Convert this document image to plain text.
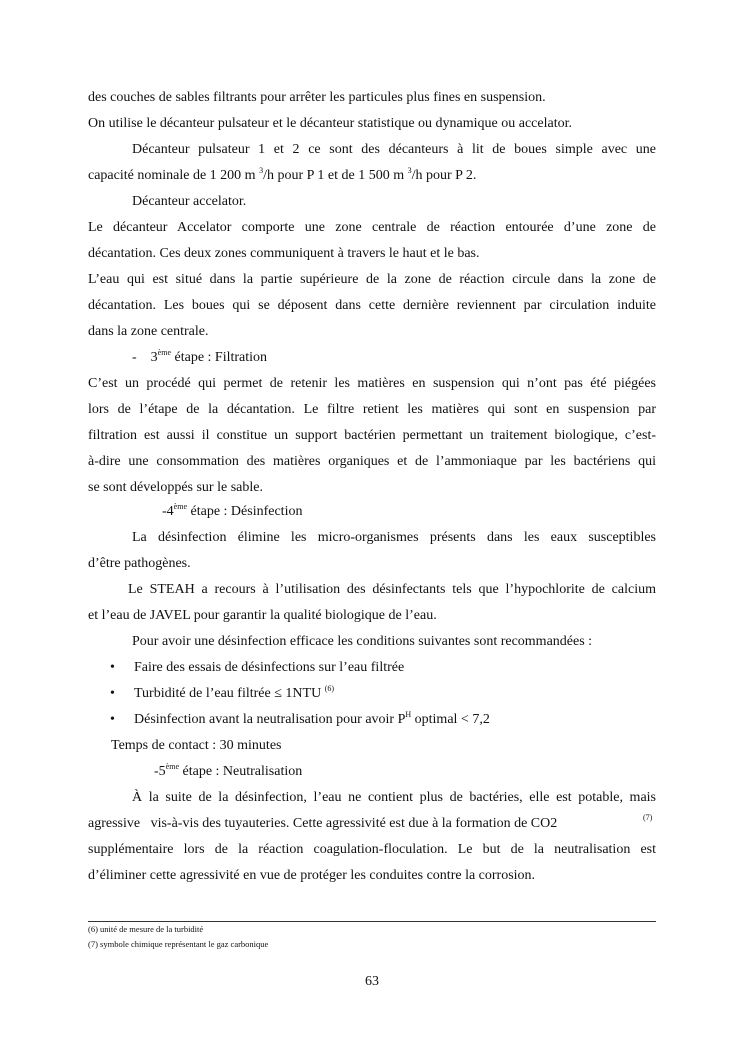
des couches de sables filtrants pour arrêter les particules plus fines en suspension.
On utilise le décanteur pulsateur et le décanteur statistique ou dynamique ou accelator.
Décanteur pulsateur 1 et 2 ce sont des décanteurs à lit de boues simple avec une
capacité nominale de 1 200 m $^3$/h pour P 1 et de 1 500 m $^3$/h pour P 2.
Décanteur accelator.
Le décanteur Accelator comporte une zone centrale de réaction entourée d’une zone de
décantation. Ces deux zones communiquent à travers le haut et le bas.
L’eau qui est situé dans la partie supérieure de la zone de réaction circule dans la zone de
décantation. Les boues qui se déposent dans cette dernière reviennent par circulation induite
dans la zone centrale.
-    3ème étape : Filtration
C’est un procédé qui permet de retenir les matières en suspension qui n’ont pas été piégées
lors de l’étape de la décantation. Le filtre retient les matières qui sont en suspension par
filtration est aussi il constitue un support bactérien permettant un traitement biologique, c’est-
à-dire une consommation des matières organiques et de l’ammoniaque par les bactériens qui
se sont développés sur le sable.
-4ème étape : Désinfection
La désinfection élimine les micro-organismes présents dans les eaux susceptibles
d’être pathogènes.
Le STEAH a recours à l’utilisation des désinfectants tels que l’hypochlorite de calcium
et l’eau de JAVEL pour garantir la qualité biologique de l’eau.
Pour avoir une désinfection efficace les conditions suivantes sont recommandées :
• Faire des essais de désinfections sur l’eau filtrée
• Turbidité de l’eau filtrée ≤ 1NTU $^{(6)}$
• Désinfection avant la neutralisation pour avoir $P^H$ optimal < 7,2
Temps de contact : 30 minutes
-5ème étape : Neutralisation
À la suite de la désinfection, l’eau ne contient plus de bactéries, elle est potable, mais
agressive   vis-à-vis des tuyauteries. Cette agressivité est due à la formation de CO2	(7)
supplémentaire lors de la réaction coagulation-floculation. Le but de la neutralisation est
d’éliminer cette agressivité en vue de protéger les conduites contre la corrosion.
(6) unité de mesure de la turbidité
(7) symbole chimique représentant le gaz carbonique
63
